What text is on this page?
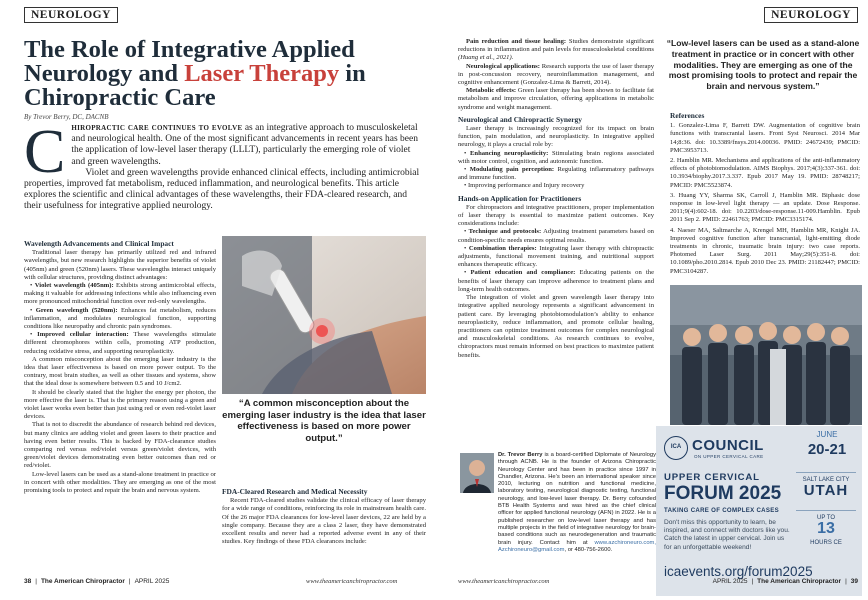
NEUROLOGY
The Role of Integrative Applied Neurology and Laser Therapy in Chiropractic Care
By Trevor Berry, DC, DACNB
C hiropractic care continues to evolve as an integrative approach to musculoskeletal and neurological health. One of the most significant advancements in recent years has been the application of low-level laser therapy (LLLT), particularly the emerging role of violet and green wavelengths.

Violet and green wavelengths provide enhanced clinical effects, including antimicrobial properties, improved fat metabolism, reduced inflammation, and neurological benefits. This article explores the scientific and clinical advantages of these wavelengths, their FDA-cleared research, and their usefulness for integrative applied neurology.

Wavelength Advancements and Clinical Impact

Traditional laser therapy has primarily utilized red and infrared wavelengths, but new research highlights the superior benefits of violet (405nm) and green (520nm) lasers. These wavelengths interact uniquely with cellular structures, providing distinct advantages:

• Violet wavelength (405nm): Exhibits strong antimicrobial effects, making it valuable for addressing infections while also influencing even more pronounced mitochondrial function over red-only wavelengths.

• Green wavelength (520nm): Enhances fat metabolism, reduces inflammation, and modulates neurological function, supporting conditions like neuropathy and chronic pain syndromes.

• Improved cellular interaction: These wavelengths stimulate different chromophores within cells, promoting ATP production, reducing oxidative stress, and supporting neuroplasticity.

A common misconception about the emerging laser industry is the idea that laser effectiveness is based on more power output. To the contrary, most brain studies, as well as other tissues and systems, show that the ideal dose is somewhere between 0.5 and 10 J/cm2.

It should be clearly stated that the higher the energy per photon, the more effective the laser is. That is the primary reason using a green and violet laser works even better than just using red or even red-violet laser devices.

That is not to discredit the abundance of research behind red devices, but many clinics are adding violet and green lasers to their practice and having even better results. This is backed by FDA-clearance studies comparing red versus red/violet versus green/violet devices, with green/violet devices demonstrating even better outcomes than red or red/violet.

Low-level lasers can be used as a stand-alone treatment in practice or in concert with other modalities. They are emerging as one of the most promising tools to protect and repair the brain and nervous system.

“A common misconception about the emerging laser industry is the idea that laser effectiveness is based on more power output.”

FDA-Cleared Research and Medical Necessity

Recent FDA-cleared studies validate the clinical efficacy of laser therapy for a wide range of conditions, reinforcing its role in mainstream health care. Of the 26 major FDA clearances for low-level laser devices, 22 are held by a single company. Because they are a class 2 laser, they have demonstrated excellent results and never had a reported adverse event in any of their studies. Key findings of these FDA clearances include:

38 | The American Chiropractor | APRIL 2025	www.theamericanchiropractor.com
NEUROLOGY

Pain reduction and tissue healing: Studies demonstrate significant reductions in inflammation and pain levels for musculoskeletal conditions (Huang et al., 2021).

Neurological applications: Research supports the use of laser therapy in post-concussion recovery, neuroinflammation management, and cognitive enhancement (Gonzalez-Lima & Barrett, 2014).

Metabolic effects: Green laser therapy has been shown to facilitate fat metabolism and improve circulation, offering applications in metabolic syndrome and weight management.

Neurological and Chiropractic Synergy

Laser therapy is increasingly recognized for its impact on brain function, pain modulation, and neuroplasticity. In integrative applied neurology, it plays a crucial role by:

• Enhancing neuroplasticity: Stimulating brain regions associated with motor control, cognition, and autonomic function.

• Modulating pain perception: Regulating inflammatory pathways and immune function.

• Improving performance and Injury recovery

Hands-on Application for Practitioners

For chiropractors and integrative practitioners, proper implementation of laser therapy is essential to maximize patient outcomes. Key considerations include:

• Technique and protocols: Adjusting treatment parameters based on condition-specific needs ensures optimal results.

• Combination therapies: Integrating laser therapy with chiropractic adjustments, functional movement training, and nutritional support enhances therapeutic efficacy.

• Patient education and compliance: Educating patients on the benefits of laser therapy can improve adherence to treatment plans and long-term health outcomes.

The integration of violet and green wavelength laser therapy into integrative applied neurology represents a significant advancement in patient care. By leveraging photobiomodulation’s ability to enhance neuroplasticity, reduce inflammation, and promote cellular healing, practitioners can optimize treatment outcomes for complex neurological and musculoskeletal conditions. As research continues to evolve, chiropractors must remain informed on best practices to maximize patient benefits.

“Low-level lasers can be used as a stand-alone treatment in practice or in concert with other modalities. They are emerging as one of the most promising tools to protect and repair the brain and nervous system.”

References

1. Gonzalez-Lima F, Barrett DW. Augmentation of cognitive brain functions with transcranial lasers. Front Syst Neurosci. 2014 Mar 14;8:36. doi: 10.3389/fnsys.2014.00036. PMID: 24672439; PMCID: PMC3953713.

2. Hamblin MR. Mechanisms and applications of the anti-inflammatory effects of photobiomodulation. AIMS Biophys. 2017;4(3):337-361. doi: 10.3934/biophy.2017.3.337. Epub 2017 May 19. PMID: 28748217; PMCID: PMC5523874.

3. Huang YY, Sharma SK, Carroll J, Hamblin MR. Biphasic dose response in low-level light therapy — an update. Dose Response. 2011;9(4):602-18. doi: 10.2203/dose-response.11-009.Hamblin. Epub 2011 Sep 2. PMID: 22461763; PMCID: PMC3315174.

4. Naeser MA, Saltmarche A, Krengel MH, Hamblin MR, Knight JA. Improved cognitive function after transcranial, light-emitting diode treatments in chronic, traumatic brain injury: two case reports. Photomed Laser Surg. 2011 May;29(5):351-8. doi: 10.1089/pho.2010.2814. Epub 2010 Dec 23. PMID: 21182447; PMCID: PMC3104287.

Dr. Trevor Berry is a board-certified Diplomate of Neurology through ACNB. He is the founder of Arizona Chiropractic Neurology Center and has been in practice since 1997 in Chandler, Arizona. He’s been an international speaker since 2010, lecturing on nutrition and functional medicine, laboratory testing, neurological diagnostic testing, functional neurology, and low-level laser therapy. Dr. Berry cofounded BTB Health Systems and was hired as the chief clinical officer for applied functional neurology (AFN) in 2022. He is a published researcher on low-level laser therapy and has multiple projects in the field of integrative neurology for brain-based conditions such as neurodegeneration and traumatic brain injury. Contact him at www.azchironeuro.com, Azchironeuro@gmail.com, or 480-756-2600.
ICA COUNCIL
ON UPPER CERVICAL CARE
UPPER CERVICAL
FORUM 2025
TAKING CARE OF COMPLEX CASES
Don't miss this opportunity to learn, be inspired, and connect with doctors like you. Catch the latest in upper cervical. Join us for an unforgettable weekend!
icaevents.org/forum2025
JUNE
20-21
SALT LAKE CITY
UTAH
UP TO
13
HOURS CE
www.theamericanchiropractor.com	APRIL 2025 | The American Chiropractor | 39
